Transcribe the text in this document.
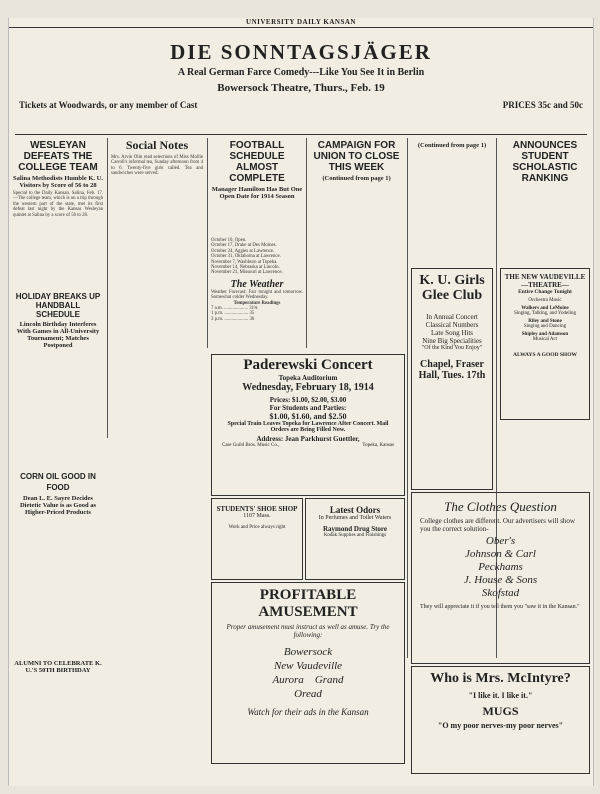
UNIVERSITY DAILY KANSAN
DIE SONNTAGSJÄGER
A Real German Farce Comedy---Like You See It in Berlin
Bowersock Theatre, Thurs., Feb. 19
Tickets at Woodwards, or any member of Cast	PRICES 35c and 50c
WESLEYAN DEFEATS THE COLLEGE TEAM
Salina Methodists Humble K. U. Visitors by Score of 56 to 28
Special to the Daily Kansan. Salina, Feb. 17.—The college team, which is on a trip through the western part of the state, met its first defeat last night by the Kansas Wesleyan quintet at Salina by a score of 56 to 28.
HOLIDAY BREAKS UP HANDBALL SCHEDULE
Lincoln Birthday Interferes With Games in All-University Tournament; Matches Postponed
CORN OIL GOOD IN FOOD
Dean L. E. Sayre Decides Dietetic Value is as Good as Higher-Priced Products
ALUMNI TO CELEBRATE K. U.'S 50TH BIRTHDAY
Social Notes
Mrs. Arvin Olin read selections of Miss Mollie Carroll's informal tea, Sunday afternoon from 4 to 6. Twenty-five girls called. Tea and sandwiches were served.
FOOTBALL SCHEDULE ALMOST COMPLETE
Manager Hamilton Has But One Open Date for 1914 Season
October 10, Open.
October 17, Drake at Des Moines.
October 24, Aggies at Lawrence.
October 31, Oklahoma at Lawrence.
November 7, Washburn at Topeka.
November 14, Nebraska at Lincoln.
November 21, Missouri at Lawrence.
The Weather
Weather Forecast: Fair tonight and tomorrow. Somewhat colder Wednesday.
Temperature Readings
7 a.m. .................... 31¾
1 p.m. .................... 35
3 p.m. .................... 36
CAMPAIGN FOR UNION TO CLOSE THIS WEEK
(Continued from page 1)
(Continued from page 1)	ANNOUNCES STUDENT SCHOLASTIC RANKING
K. U. Girls Glee Club
In Annual Concert
Classical Numbers
Late Song Hits
Nine Big Specialities
"Of the Kind You Enjoy"
Chapel, Fraser Hall, Tues. 17th
THE NEW VAUDEVILLE
—THEATRE—
Entire Change Tonight
Orchestra Music
Walkers and LeMoine
Singing, Talking, and Yodeling
Riley and Stone
Singing and Dancing
Shipley and Adamson
Musical Act
ALWAYS A GOOD SHOW
Paderewski Concert
Topeka Auditorium
Wednesday, February 18, 1914
Prices: $1.00, $2.00, $3.00
For Students and Parties:
$1.00, $1.60, and $2.50
Special Train Leaves Topeka for Lawrence After Concert. Mail Orders are Being Filled Now.
Address: Jean Parkhurst Guettler,
Care Guild Bros. Music Co.,	Topeka, Kansas
STUDENTS' SHOE SHOP
1107 Mass.
Work and Price always right
Latest Odors
In Perfumes and Toilet Waters
Raymond Drug Store
Kodak Supplies and Finishings
The Clothes Question
College clothes are different. Our advertisers will show you the correct solution-
Ober's
Johnson & Carl
Peckhams
J. House & Sons
Skofstad
They will appreciate it if you tell them you "saw it in the Kansan."
PROFITABLE AMUSEMENT
Proper amusement must instruct as well as amuse. Try the following:
Bowersock
New Vaudeville
Aurora Grand
Oread
Watch for their ads in the Kansan
Who is Mrs. McIntyre?
"I like it. I like it."
MUGS
"O my poor nerves-my poor nerves"
